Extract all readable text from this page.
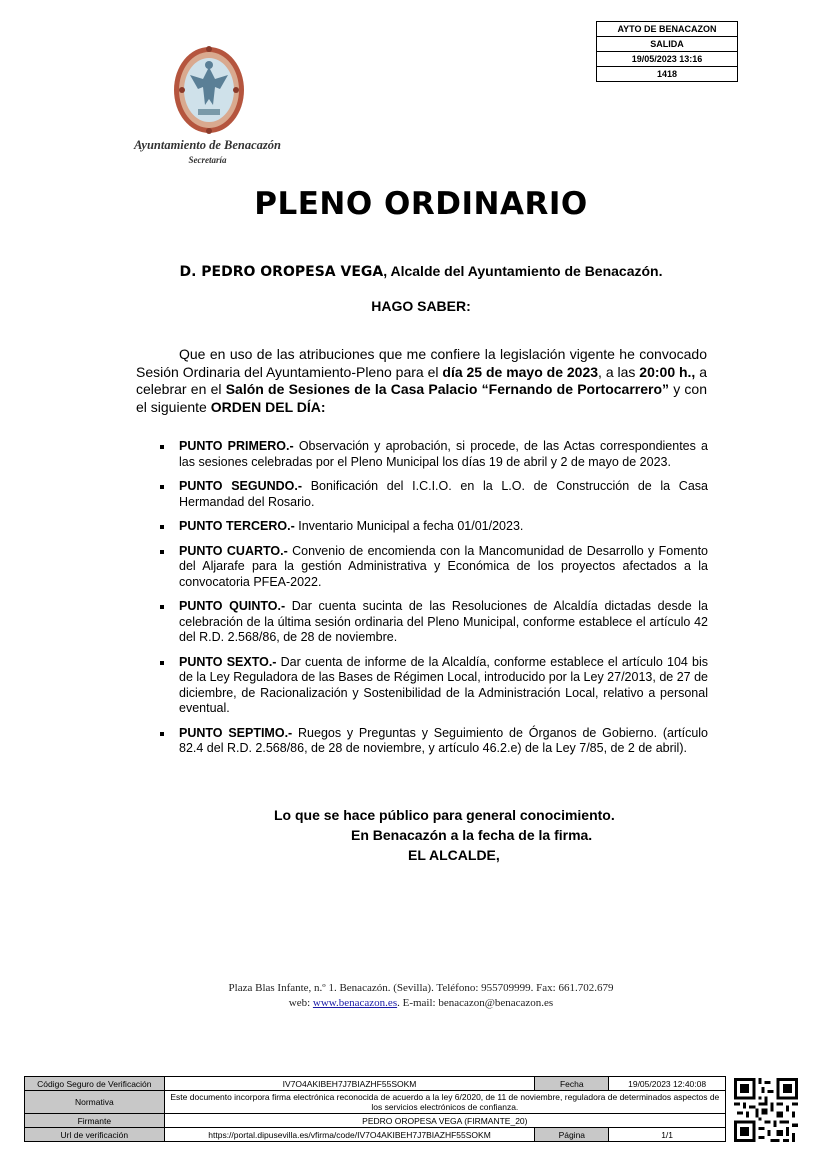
AYTO DE BENACAZON
SALIDA
19/05/2023 13:16
1418
Ayuntamiento de Benacazón
Secretaría
PLENO ORDINARIO
D. PEDRO OROPESA VEGA, Alcalde del Ayuntamiento de Benacazón.
HAGO SABER:
Que en uso de las atribuciones que me confiere la legislación vigente he convocado Sesión Ordinaria del Ayuntamiento-Pleno para el día 25 de mayo de 2023, a las 20:00 h., a celebrar en el Salón de Sesiones de la Casa Palacio “Fernando de Portocarrero” y con el siguiente ORDEN DEL DÍA:
PUNTO PRIMERO.- Observación y aprobación, si procede, de las Actas correspondientes a las sesiones celebradas por el Pleno Municipal los días 19 de abril y 2 de mayo de 2023.
PUNTO SEGUNDO.- Bonificación del I.C.I.O. en la L.O. de Construcción de la Casa Hermandad del Rosario.
PUNTO TERCERO.- Inventario Municipal a fecha 01/01/2023.
PUNTO CUARTO.- Convenio de encomienda con la Mancomunidad de Desarrollo y Fomento del Aljarafe para la gestión Administrativa y Económica de los proyectos afectados a la convocatoria PFEA-2022.
PUNTO QUINTO.- Dar cuenta sucinta de las Resoluciones de Alcaldía dictadas desde la celebración de la última sesión ordinaria del Pleno Municipal, conforme establece el artículo 42 del R.D. 2.568/86, de 28 de noviembre.
PUNTO SEXTO.- Dar cuenta de informe de la Alcaldía, conforme establece el artículo 104 bis de la Ley Reguladora de las Bases de Régimen Local, introducido por la Ley 27/2013, de 27 de diciembre, de Racionalización y Sostenibilidad de la Administración Local, relativo a personal eventual.
PUNTO SEPTIMO.- Ruegos y Preguntas y Seguimiento de Órganos de Gobierno. (artículo 82.4 del R.D. 2.568/86, de 28 de noviembre, y artículo 46.2.e) de la Ley 7/85, de 2 de abril).
Lo que se hace público para general conocimiento.
En Benacazón a la fecha de la firma.
EL ALCALDE,
Plaza Blas Infante, n.º 1. Benacazón. (Sevilla). Teléfono: 955709999. Fax: 661.702.679
web: www.benacazon.es. E-mail: benacazon@benacazon.es
Código Seguro de Verificación	IV7O4AKIBEH7J7BIAZHF55SOKM	Fecha	19/05/2023 12:40:08
Normativa	Este documento incorpora firma electrónica reconocida de acuerdo a la ley 6/2020, de 11 de noviembre, reguladora de determinados aspectos de los servicios electrónicos de confianza.		
Firmante	PEDRO OROPESA VEGA (FIRMANTE_20)		
Url de verificación	https://portal.dipusevilla.es/vfirma/code/IV7O4AKIBEH7J7BIAZHF55SOKM	Página	1/1
